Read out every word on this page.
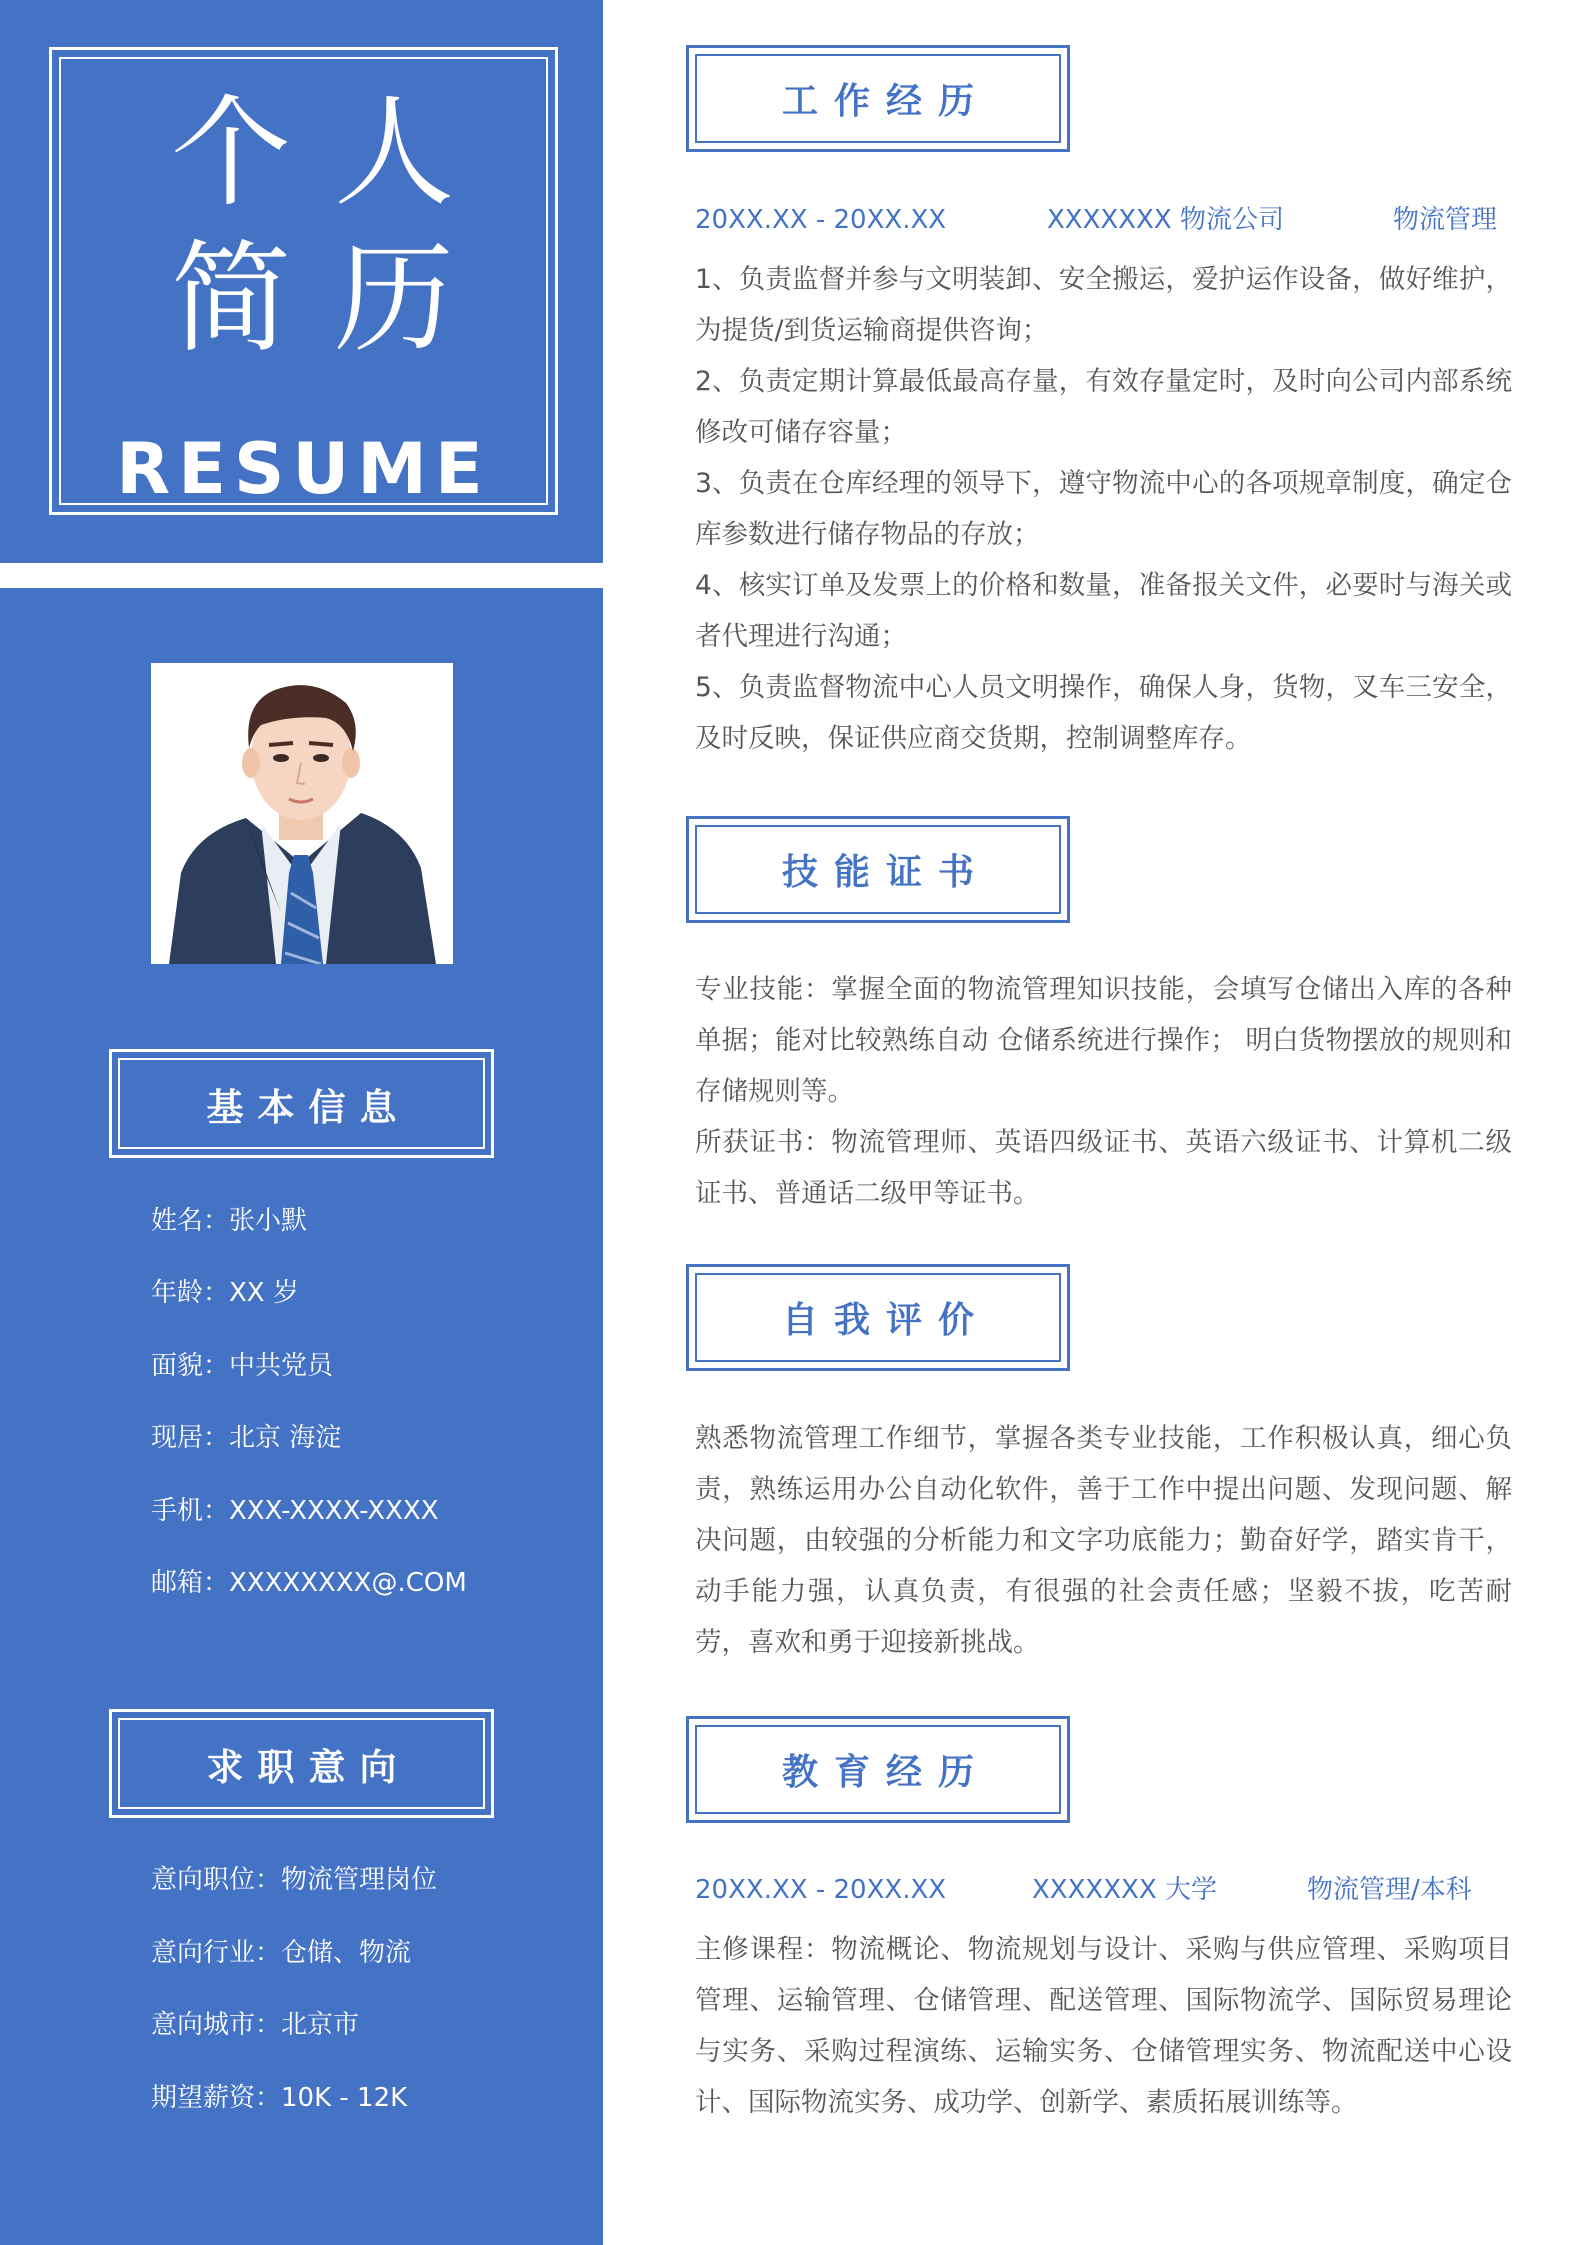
个 人
简 历
RESUME
基本信息
姓名：张小默
年龄：XX 岁
面貌：中共党员
现居：北京 海淀
手机：XXX-XXXX-XXXX
邮箱：XXXXXXXX@.COM
求职意向
意向职位：物流管理岗位
意向行业：仓储、物流
意向城市：北京市
期望薪资：10K - 12K
工作经历
20XX.XX - 20XX.XX	XXXXXXX 物流公司	物流管理

1、负责监督并参与文明装卸、安全搬运，爱护运作设备，做好维护，为提货/到货运输商提供咨询；

2、负责定期计算最低最高存量，有效存量定时，及时向公司内部系统修改可储存容量；

3、负责在仓库经理的领导下，遵守物流中心的各项规章制度，确定仓库参数进行储存物品的存放；

4、核实订单及发票上的价格和数量，准备报关文件，必要时与海关或者代理进行沟通；

5、负责监督物流中心人员文明操作，确保人身，货物，叉车三安全，及时反映，保证供应商交货期，控制调整库存。

技能证书

专业技能：掌握全面的物流管理知识技能，会填写仓储出入库的各种单据；能对比较熟练自动 仓储系统进行操作； 明白货物摆放的规则和存储规则等。

所获证书：物流管理师、英语四级证书、英语六级证书、计算机二级证书、普通话二级甲等证书。

自我评价

熟悉物流管理工作细节，掌握各类专业技能，工作积极认真，细心负责，熟练运用办公自动化软件，善于工作中提出问题、发现问题、解决问题，由较强的分析能力和文字功底能力；勤奋好学，踏实肯干，动手能力强，认真负责，有很强的社会责任感；坚毅不拔，吃苦耐劳，喜欢和勇于迎接新挑战。

教育经历
20XX.XX - 20XX.XX	XXXXXXX 大学	物流管理/本科

主修课程：物流概论、物流规划与设计、采购与供应管理、采购项目管理、运输管理、仓储管理、配送管理、国际物流学、国际贸易理论与实务、采购过程演练、运输实务、仓储管理实务、物流配送中心设计、国际物流实务、成功学、创新学、素质拓展训练等。
